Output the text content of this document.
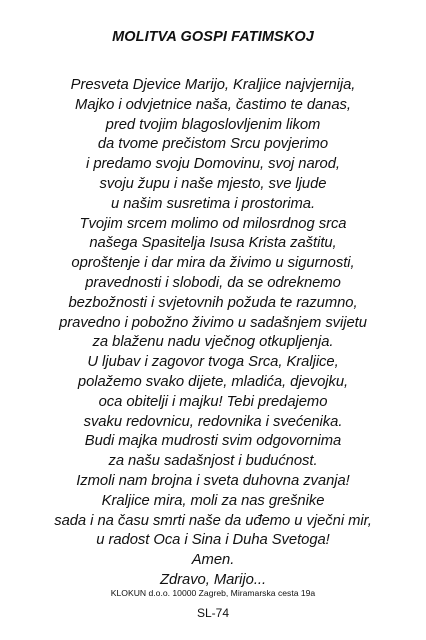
MOLITVA GOSPI FATIMSKOJ
Presveta Djevice Marijo, Kraljice najvjernija,
Majko i odvjetnice naša, častimo te danas,
pred tvojim blagoslovljenim likom
da tvome prečistom Srcu povjerimo
i predamo svoju Domovinu, svoj narod,
svoju župu i naše mjesto, sve ljude
u našim susretima i prostorima.
Tvojim srcem molimo od milosrdnog srca
našega Spasitelja Isusa Krista zaštitu,
oproštenje i dar mira da živimo u sigurnosti,
pravednosti i slobodi, da se odreknemo
bezbožnosti i svjetovnih požuda te razumno,
pravedno i pobožno živimo u sadašnjem svijetu
za blaženu nadu vječnog otkupljenja.
U ljubav i zagovor tvoga Srca, Kraljice,
polažemo svako dijete, mladića, djevojku,
oca obitelji i majku! Tebi predajemo
svaku redovnicu, redovnika i svećenika.
Budi majka mudrosti svim odgovornima
za našu sadašnjost i budućnost.
Izmoli nam brojna i sveta duhovna zvanja!
Kraljice mira, moli za nas grešnike
sada i na času smrti naše da uđemo u vječni mir,
u radost Oca i Sina i Duha Svetoga!
Amen.
Zdravo, Marijo...
KLOKUN d.o.o. 10000 Zagreb, Miramarska cesta 19a
SL-74
